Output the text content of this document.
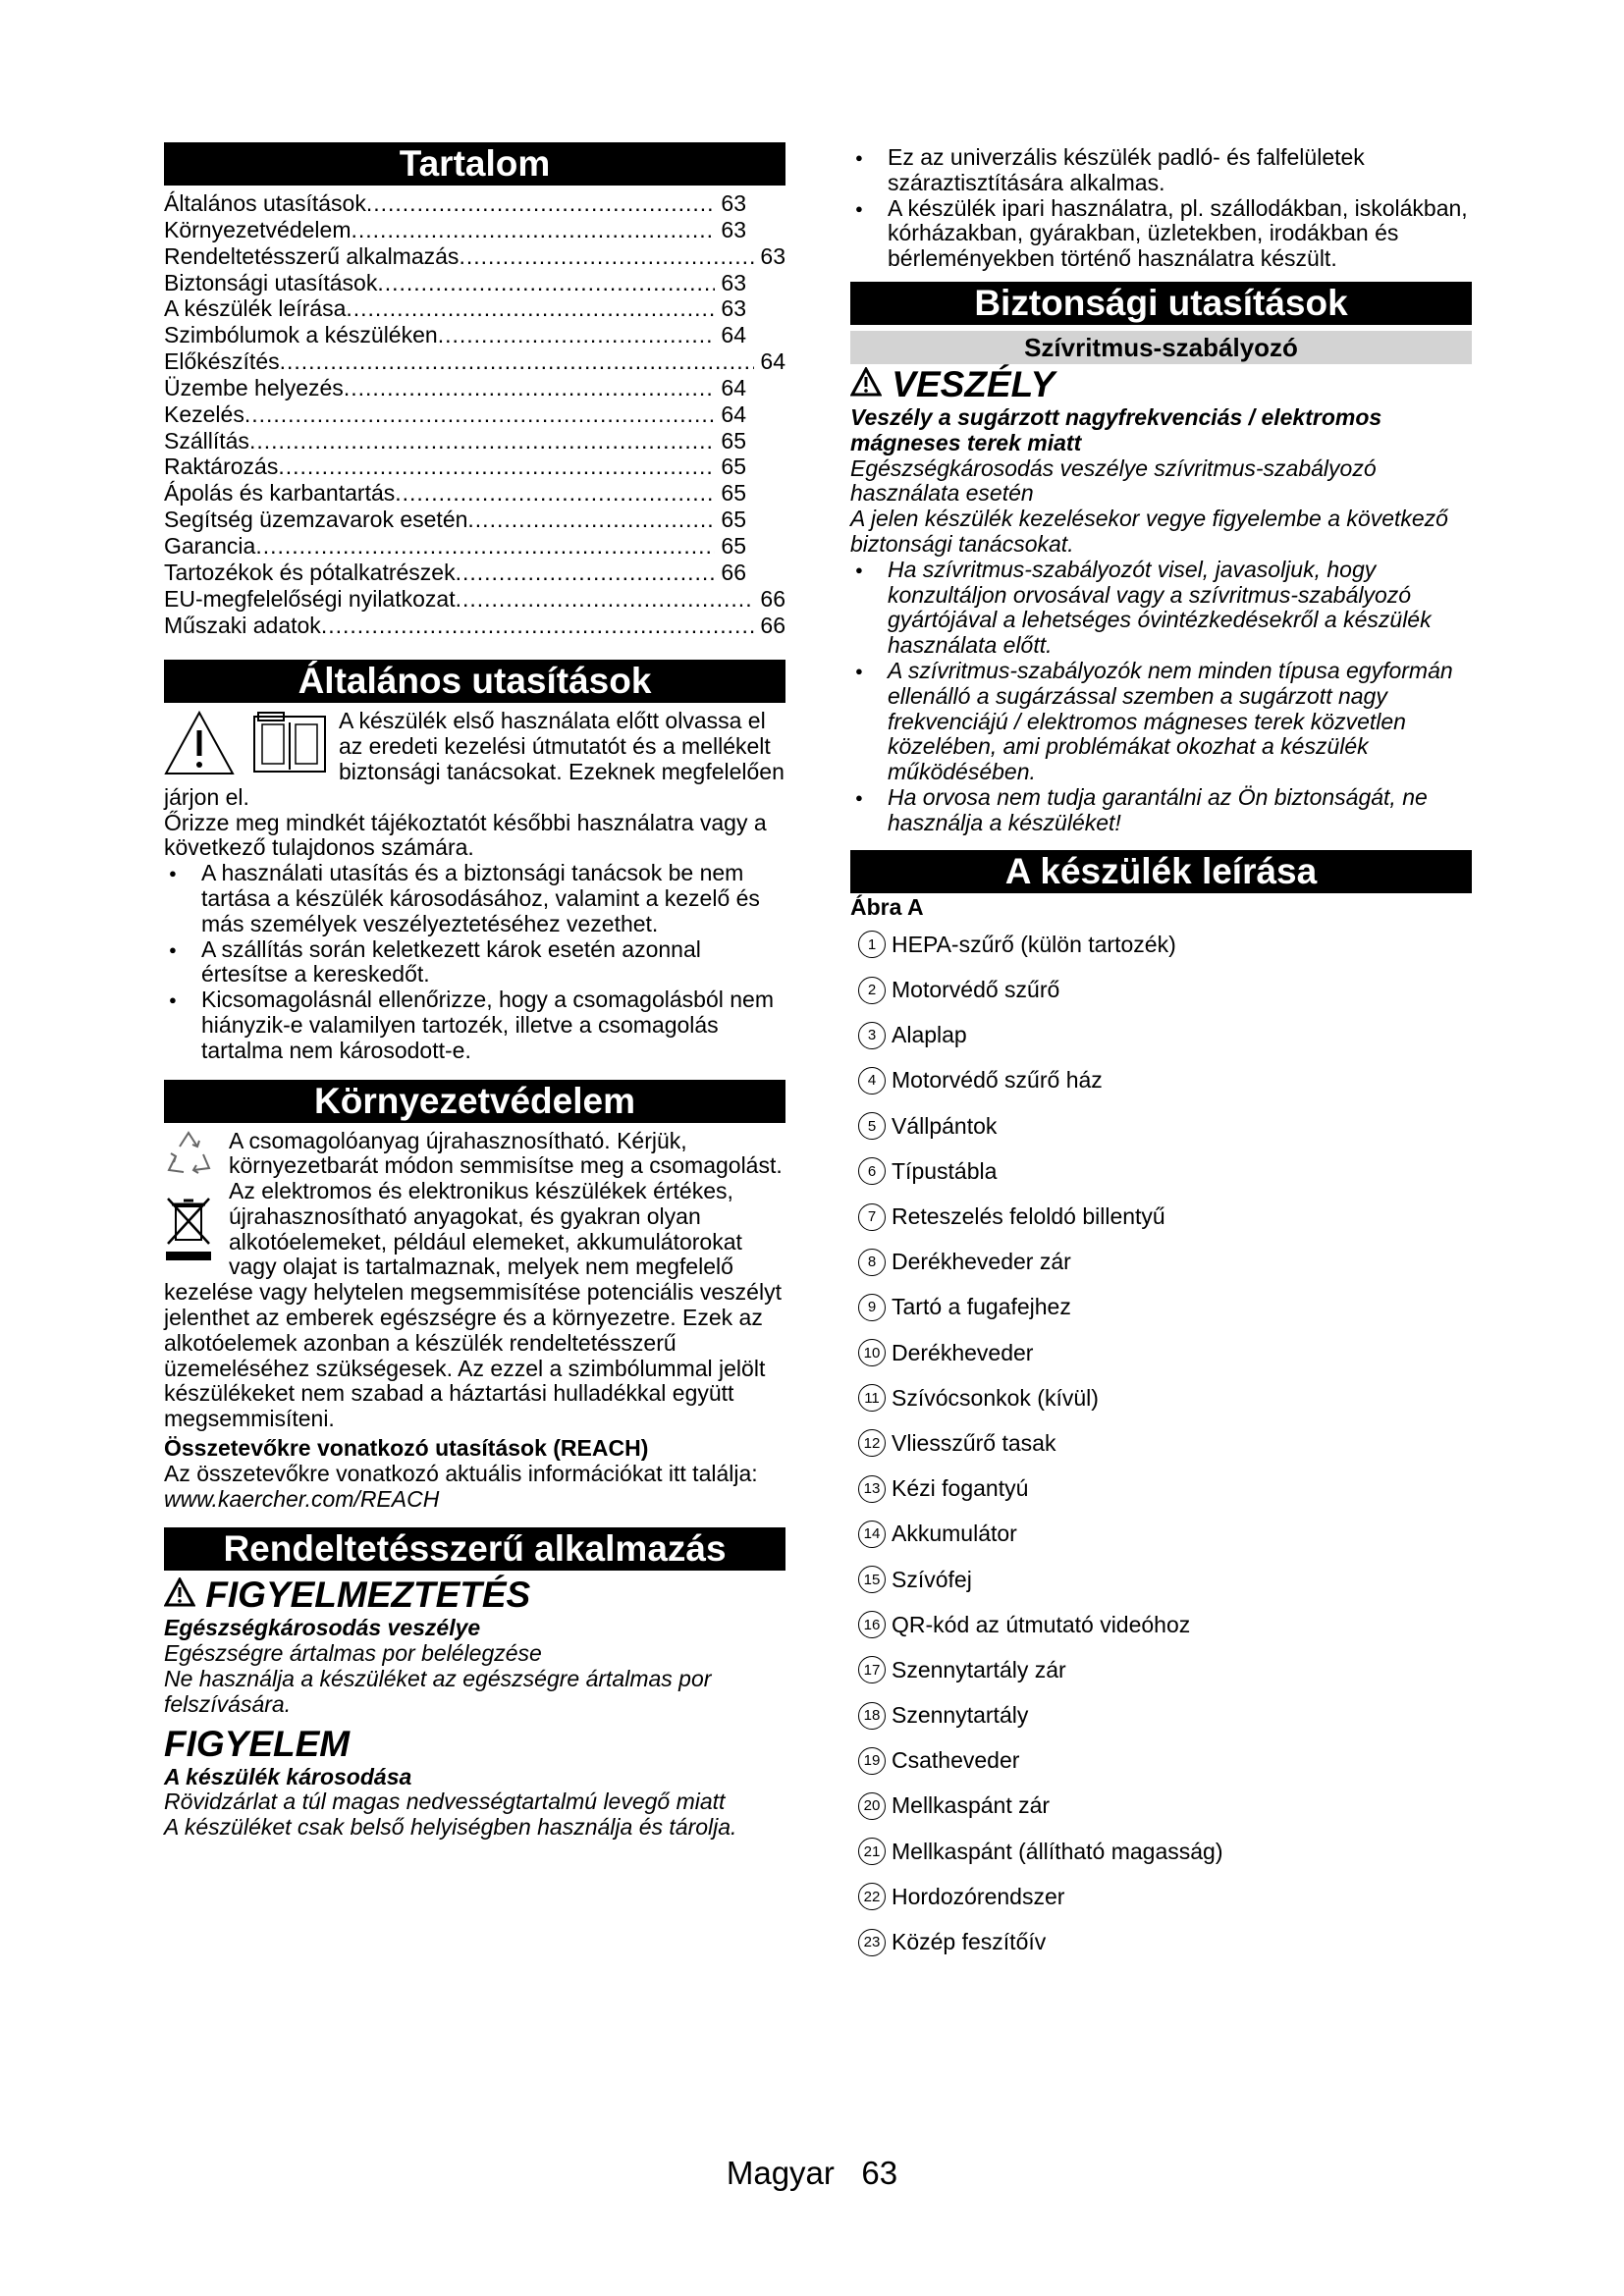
Tartalom
Általános utasítások .....	63
Környezetvédelem .....	63
Rendeltetésszerű alkalmazás .....	63
Biztonsági utasítások .....	63
A készülék leírása .....	63
Szimbólumok a készüléken .....	64
Előkészítés .....	64
Üzembe helyezés .....	64
Kezelés .....	64
Szállítás .....	65
Raktározás .....	65
Ápolás és karbantartás .....	65
Segítség üzemzavarok esetén .....	65
Garancia .....	65
Tartozékok és pótalkatrészek .....	66
EU-megfelelőségi nyilatkozat .....	66
Műszaki adatok .....	66
Általános utasítások

A készülék első használata előtt olvassa el az eredeti kezelési útmutatót és a mellékelt biztonsági tanácsokat. Ezeknek megfelelően járjon el.

Őrizze meg mindkét tájékoztatót későbbi használatra vagy a következő tulajdonos számára.

● A használati utasítás és a biztonsági tanácsok be nem tartása a készülék károsodásához, valamint a kezelő és más személyek veszélyeztetéséhez vezethet.
● A szállítás során keletkezett károk esetén azonnal értesítse a kereskedőt.
● Kicsomagolásnál ellenőrizze, hogy a csomagolásból nem hiányzik-e valamilyen tartozék, illetve a csomagolás tartalma nem károsodott-e.
Környezetvédelem

A csomagolóanyag újrahasznosítható. Kérjük, környezetbarát módon semmisítse meg a csomagolást.

Az elektromos és elektronikus készülékek értékes, újrahasznosítható anyagokat, és gyakran olyan alkotóelemeket, például elemeket, akkumulátorokat vagy olajat is tartalmaznak, melyek nem megfelelő kezelése vagy helytelen megsemmisítése potenciális veszélyt jelenthet az emberek egészségre és a környezetre. Ezek az alkotóelemek azonban a készülék rendeltetésszerű üzemeléséhez szükségesek. Az ezzel a szimbólummal jelölt készülékeket nem szabad a háztartási hulladékkal együtt megsemmisíteni.

Összetevőkre vonatkozó utasítások (REACH)

Az összetevőkre vonatkozó aktuális információkat itt találja: www.kaercher.com/REACH

Rendeltetésszerű alkalmazás
FIGYELMEZTETÉS

Egészségkárosodás veszélye

Egészségre ártalmas por belélegzése

Ne használja a készüléket az egészségre ártalmas por felszívására.

FIGYELEM

A készülék károsodása

Rövidzárlat a túl magas nedvességtartalmú levegő miatt

A készüléket csak belső helyiségben használja és tárolja.

● Ez az univerzális készülék padló- és falfelületek száraztisztítására alkalmas.
● A készülék ipari használatra, pl. szállodákban, iskolákban, kórházakban, gyárakban, üzletekben, irodákban és bérleményekben történő használatra készült.
Biztonsági utasítások
Szívritmus-szabályozó
VESZÉLY

Veszély a sugárzott nagyfrekvenciás / elektromos mágneses terek miatt

Egészségkárosodás veszélye szívritmus-szabályozó használata esetén

A jelen készülék kezelésekor vegye figyelembe a következő biztonsági tanácsokat.

● Ha szívritmus-szabályozót visel, javasoljuk, hogy konzultáljon orvosával vagy a szívritmus-szabályozó gyártójával a lehetséges óvintézkedésekről a készülék használata előtt.
● A szívritmus-szabályozók nem minden típusa egyformán ellenálló a sugárzással szemben a sugárzott nagy frekvenciájú / elektromos mágneses terek közvetlen közelében, ami problémákat okozhat a készülék működésében.
● Ha orvosa nem tudja garantálni az Ön biztonságát, ne használja a készüléket!
A készülék leírása

Ábra A

1 HEPA-szűrő (külön tartozék)
2 Motorvédő szűrő
3 Alaplap
4 Motorvédő szűrő ház
5 Vállpántok
6 Típustábla
7 Reteszelés feloldó billentyű
8 Derékheveder zár
9 Tartó a fugafejhez
10 Derékheveder
11 Szívócsonkok (kívül)
12 Vliesszűrő tasak
13 Kézi fogantyú
14 Akkumulátor
15 Szívófej
16 QR-kód az útmutató videóhoz
17 Szennytartály zár
18 Szennytartály
19 Csatheveder
20 Mellkaspánt zár
21 Mellkaspánt (állítható magasság)
22 Hordozórendszer
23 Közép feszítőív
Magyar 63
